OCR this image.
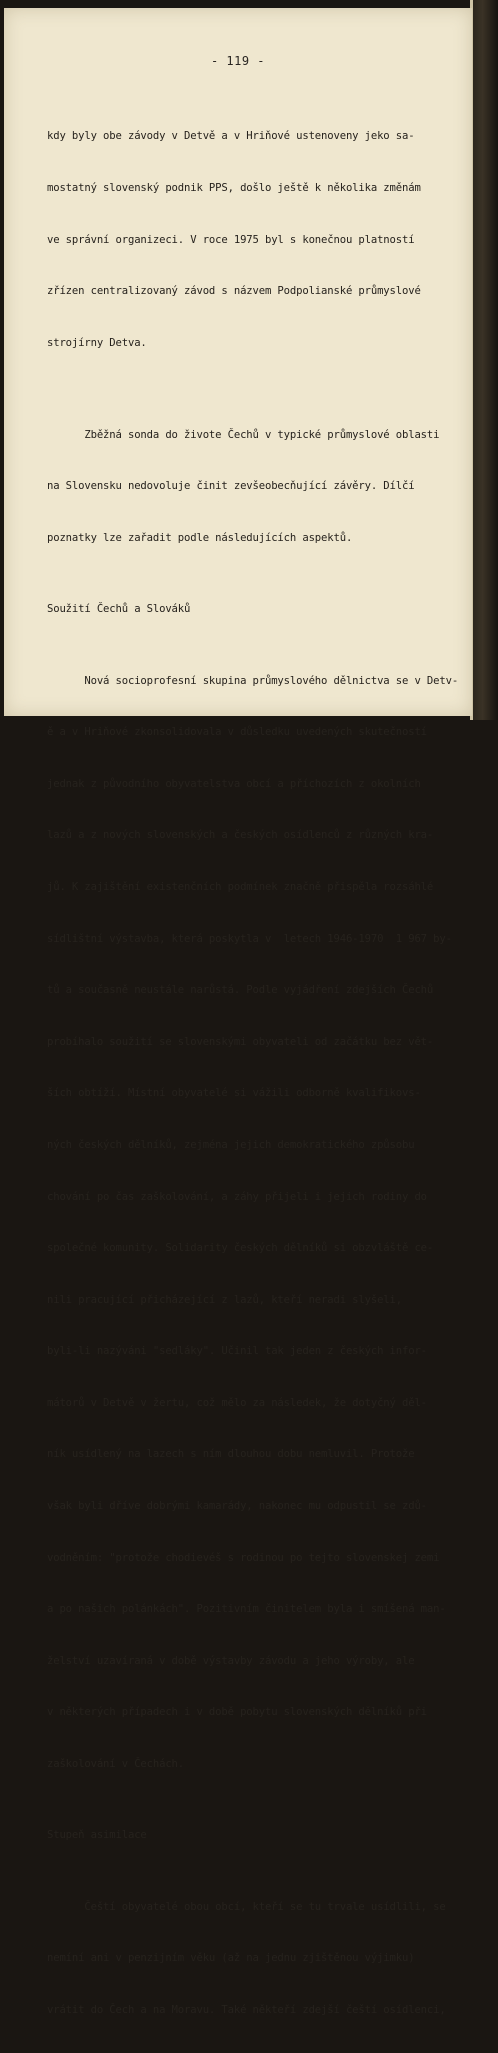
- 119 -

kdy byly obe závody v Detvě a v Hriňové ustenoveny jeko sa-

mostatný slovenský podnik PPS, došlo ještě k několika změnám

ve správní organizeci. V roce 1975 byl s konečnou platností

zřízen centralizovaný závod s názvem Podpolianské průmyslové

strojírny Detva.

Zběžná sonda do živote Čechů v typické průmyslové oblasti

na Slovensku nedovoluje činit zevšeobecňující závěry. Dílčí

poznatky lze zařadit podle následujících aspektů.

Soužití Čechů a Slováků

Nová socioprofesní skupina průmyslového dělnictva se v Detv-

ě a v Hriňové zkonsolidovala v důsledku uvedených skutečností

jednak z původního obyvatelstva obcí a příchozích z okolních

lazů a z nových slovenských a českých osídlenců z různých kra-

jů. K zajištění existenčních podmínek značně přispěla rozsáhlé

sídlištní výstavba, která poskytla v  letech 1946-1970  1 967 by-

tů a současně neustále narůstá. Podle vyjádření zdejších Čechů

probíhalo soužití se slovenskými obyvateli od začátku bez vět-

ších obtíží. Místní obyvatelé si vážili odborně kvalifikovs-

ných českých dělníků, zejména jejich demokratického způsobu

chování po čas zaškolování, a záhy přijeli i jejich rodiny do

společné komunity. Solidarity českých dělníků si obzvláště ce-

nili pracující přicházející z lazů, kteří neradi slyšeli,

byli-li nazýváni "sedláky". Učinil tak jeden z českých infor-

mátorů v Detvě v žertu, což mělo za následek, že dotyčný děl-

ník usídlený na lazech s ním dlouhou dobu nemluvil. Protože

však byli dříve dobrými kamarády, nakonec mu odpustil se zdů-

vodněním: "protože chodievéš s rodinou po tejto slovenskej zemi

a po našich polánkách". Pozitivním činitelem byla i smíšená man-

želství uzavíraná v době výstavby závodu a jeho výroby, ale

v některých případech i v době pobytu slovenských dělníků při

zaškolování v Čechách.

Stupeň asimilace

Čeští obyvatelé obou obcí, kteří se tu trvale usídlili, se

nemíní ani v penzijním věku (až na jednu zjištěnou výjimku)

vrátit do Čech a na Moravu. Také někteří zdejší čeští osídlenci,
